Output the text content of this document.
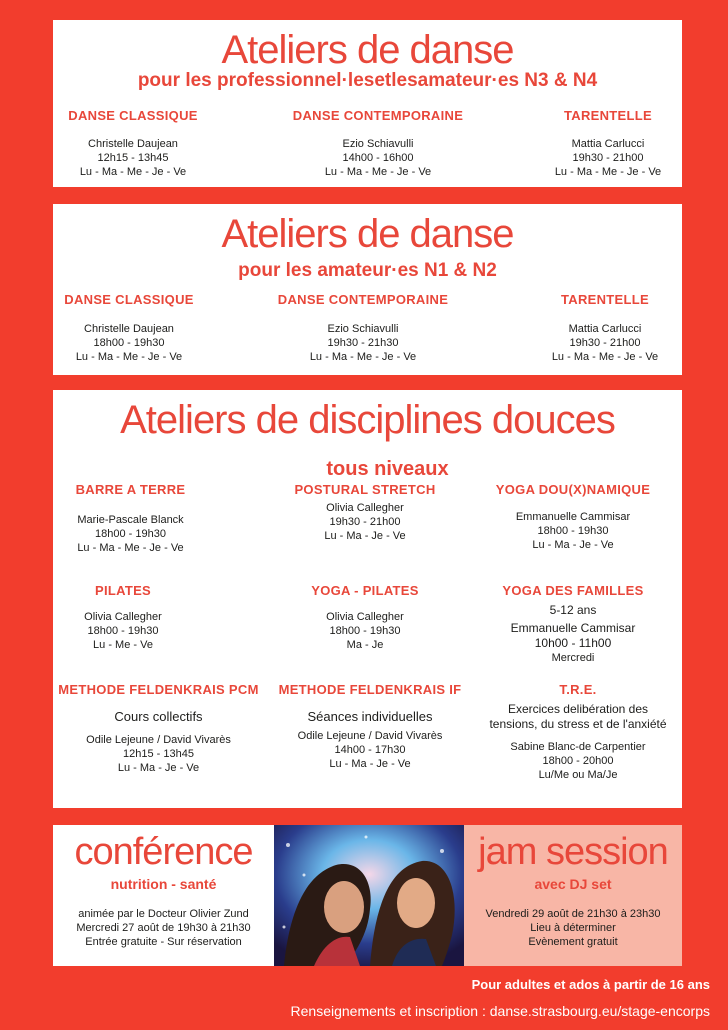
Ateliers de danse
pour les professionnel·lesetlesamateur·es N3 & N4
DANSE CLASSIQUE
Christelle Daujean
12h15 - 13h45
Lu - Ma - Me - Je - Ve
DANSE CONTEMPORAINE
Ezio Schiavulli
14h00 - 16h00
Lu - Ma - Me - Je - Ve
TARENTELLE
Mattia Carlucci
19h30 - 21h00
Lu - Ma - Me - Je - Ve
Ateliers de danse
pour les amateur·es N1 & N2
DANSE CLASSIQUE
Christelle Daujean
18h00 - 19h30
Lu - Ma - Me - Je - Ve
DANSE CONTEMPORAINE
Ezio Schiavulli
19h30 - 21h30
Lu - Ma - Me - Je - Ve
TARENTELLE
Mattia Carlucci
19h30 - 21h00
Lu - Ma - Me - Je - Ve
Ateliers de disciplines douces
tous niveaux
BARRE A TERRE
Marie-Pascale Blanck
18h00 - 19h30
Lu - Ma - Me - Je - Ve
POSTURAL STRETCH
Olivia Callegher
19h30 - 21h00
Lu - Ma - Je - Ve
YOGA DOU(X)NAMIQUE
Emmanuelle Cammisar
18h00 - 19h30
Lu - Ma - Je - Ve
PILATES
Olivia Callegher
18h00 - 19h30
Lu - Me - Ve
YOGA - PILATES
Olivia Callegher
18h00 - 19h30
Ma - Je
YOGA DES FAMILLES
5-12 ans
Emmanuelle Cammisar
10h00 - 11h00
Mercredi
METHODE FELDENKRAIS PCM
Cours collectifs
Odile Lejeune / David Vivarès
12h15 - 13h45
Lu - Ma - Je - Ve
METHODE FELDENKRAIS IF
Séances individuelles
Odile Lejeune / David Vivarès
14h00 - 17h30
Lu - Ma - Je - Ve
T.R.E.
Exercices delibération des
tensions, du stress et de l'anxiété
Sabine Blanc-de Carpentier
18h00 - 20h00
Lu/Me ou Ma/Je
conférence
nutrition - santé
animée par le Docteur Olivier Zund
Mercredi 27 août de 19h30 à 21h30
Entrée gratuite - Sur réservation
jam session
avec DJ set
Vendredi 29 août de 21h30 à 23h30
Lieu à déterminer
Evènement gratuit
Pour adultes et ados à partir de 16 ans
Renseignements et inscription : danse.strasbourg.eu/stage-encorps
